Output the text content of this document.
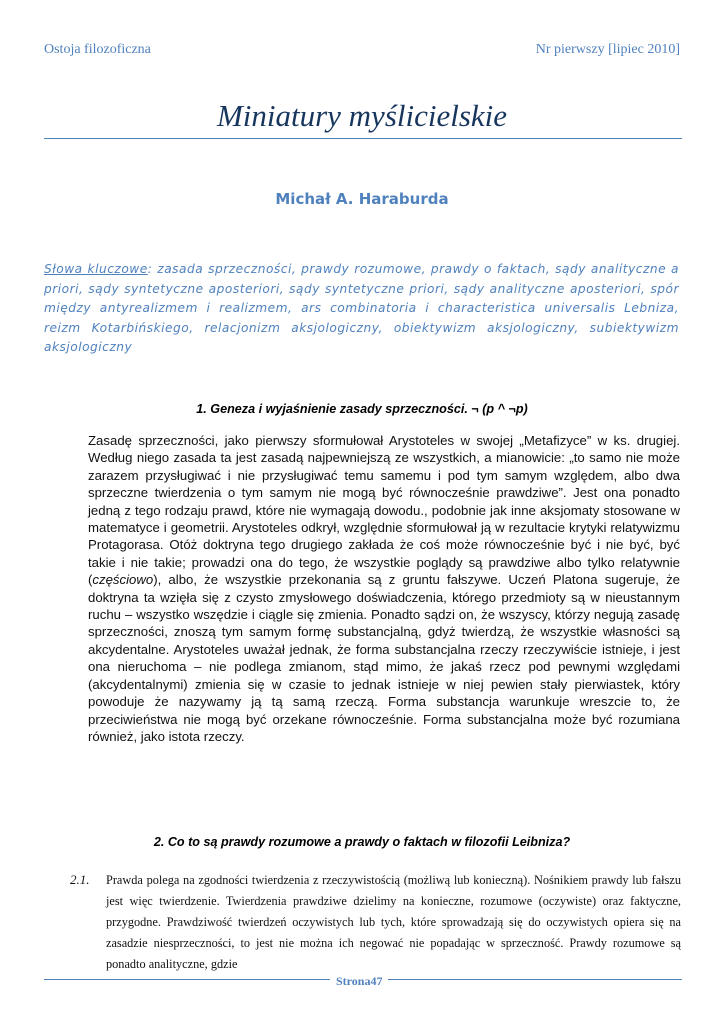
Ostoja filozoficzna	Nr pierwszy [lipiec 2010]
Miniatury myślicielskie
Michał A. Haraburda
Słowa kluczowe: zasada sprzeczności, prawdy rozumowe, prawdy o faktach, sądy analityczne a priori, sądy syntetyczne aposteriori, sądy syntetyczne priori, sądy analityczne aposteriori, spór między antyrealizmem i realizmem, ars combinatoria i characteristica universalis Lebniza, reizm Kotarbińskiego, relacjonizm aksjologiczny, obiektywizm aksjologiczny, subiektywizm aksjologiczny
1. Geneza i wyjaśnienie zasady sprzeczności. ¬ (p ^ ¬p)

Zasadę sprzeczności, jako pierwszy sformułował Arystoteles w swojej „Metafizyce” w ks. drugiej. Według niego zasada ta jest zasadą najpewniejszą ze wszystkich, a mianowicie: „to samo nie może zarazem przysługiwać i nie przysługiwać temu samemu i pod tym samym względem, albo dwa sprzeczne twierdzenia o tym samym nie mogą być równocześnie prawdziwe”. Jest ona ponadto jedną z tego rodzaju prawd, które nie wymagają dowodu., podobnie jak inne aksjomaty stosowane w matematyce i geometrii. Arystoteles odkrył, względnie sformułował ją w rezultacie krytyki relatywizmu Protagorasa. Otóż doktryna tego drugiego zakłada że coś może równocześnie być i nie być, być takie i nie takie; prowadzi ona do tego, że wszystkie poglądy są prawdziwe albo tylko relatywnie (częściowo), albo, że wszystkie przekonania są z gruntu fałszywe. Uczeń Platona sugeruje, że doktryna ta wzięła się z czysto zmysłowego doświadczenia, którego przedmioty są w nieustannym ruchu – wszystko wszędzie i ciągle się zmienia. Ponadto sądzi on, że wszyscy, którzy negują zasadę sprzeczności, znoszą tym samym formę substancjalną, gdyż twierdzą, że wszystkie własności są akcydentalne. Arystoteles uważał jednak, że forma substancjalna rzeczy rzeczywiście istnieje, i jest ona nieruchoma – nie podlega zmianom, stąd mimo, że jakaś rzecz pod pewnymi względami (akcydentalnymi) zmienia się w czasie to jednak istnieje w niej pewien stały pierwiastek, który powoduje że nazywamy ją tą samą rzeczą. Forma substancja warunkuje wreszcie to, że przeciwieństwa nie mogą być orzekane równocześnie. Forma substancjalna może być rozumiana również, jako istota rzeczy.

2. Co to są prawdy rozumowe a prawdy o faktach w filozofii Leibniza?
2.1. Prawda polega na zgodności twierdzenia z rzeczywistością (możliwą lub konieczną). Nośnikiem prawdy lub fałszu jest więc twierdzenie. Twierdzenia prawdziwe dzielimy na konieczne, rozumowe (oczywiste) oraz faktyczne, przygodne. Prawdziwość twierdzeń oczywistych lub tych, które sprowadzają się do oczywistych opiera się na zasadzie niesprzeczności, to jest nie można ich negować nie popadając w sprzeczność. Prawdy rozumowe są ponadto analityczne, gdzie
Strona47
